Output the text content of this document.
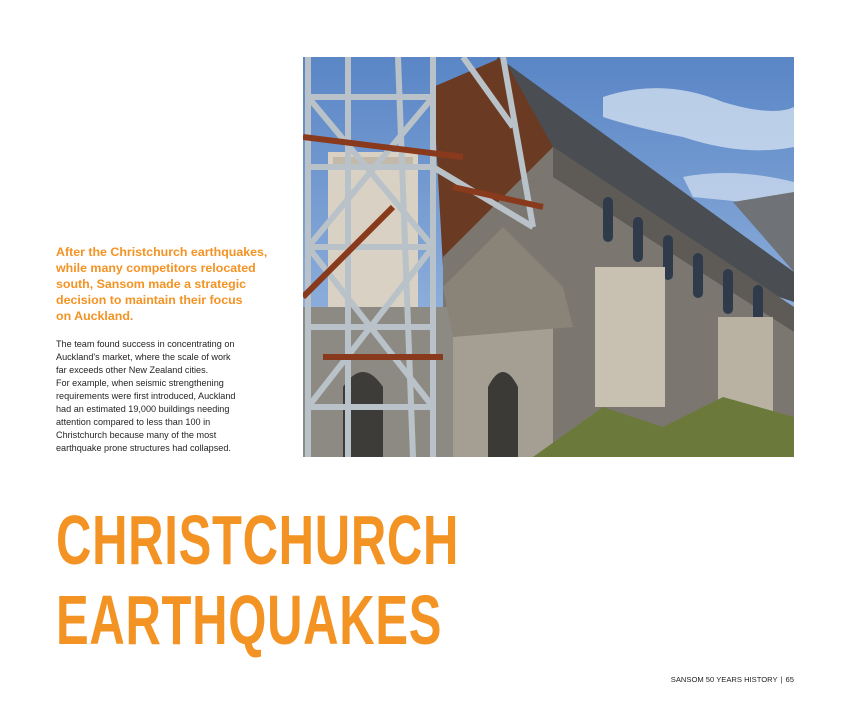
After the Christchurch earthquakes,
while many competitors relocated
south, Sansom made a strategic
decision to maintain their focus
on Auckland.
The team found success in concentrating on
Auckland's market, where the scale of work
far exceeds other New Zealand cities.
For example, when seismic strengthening
requirements were first introduced, Auckland
had an estimated 19,000 buildings needing
attention compared to less than 100 in
Christchurch because many of the most
earthquake prone structures had collapsed.
CHRISTCHURCH
EARTHQUAKES
SANSOM 50 YEARS HISTORY | 65
